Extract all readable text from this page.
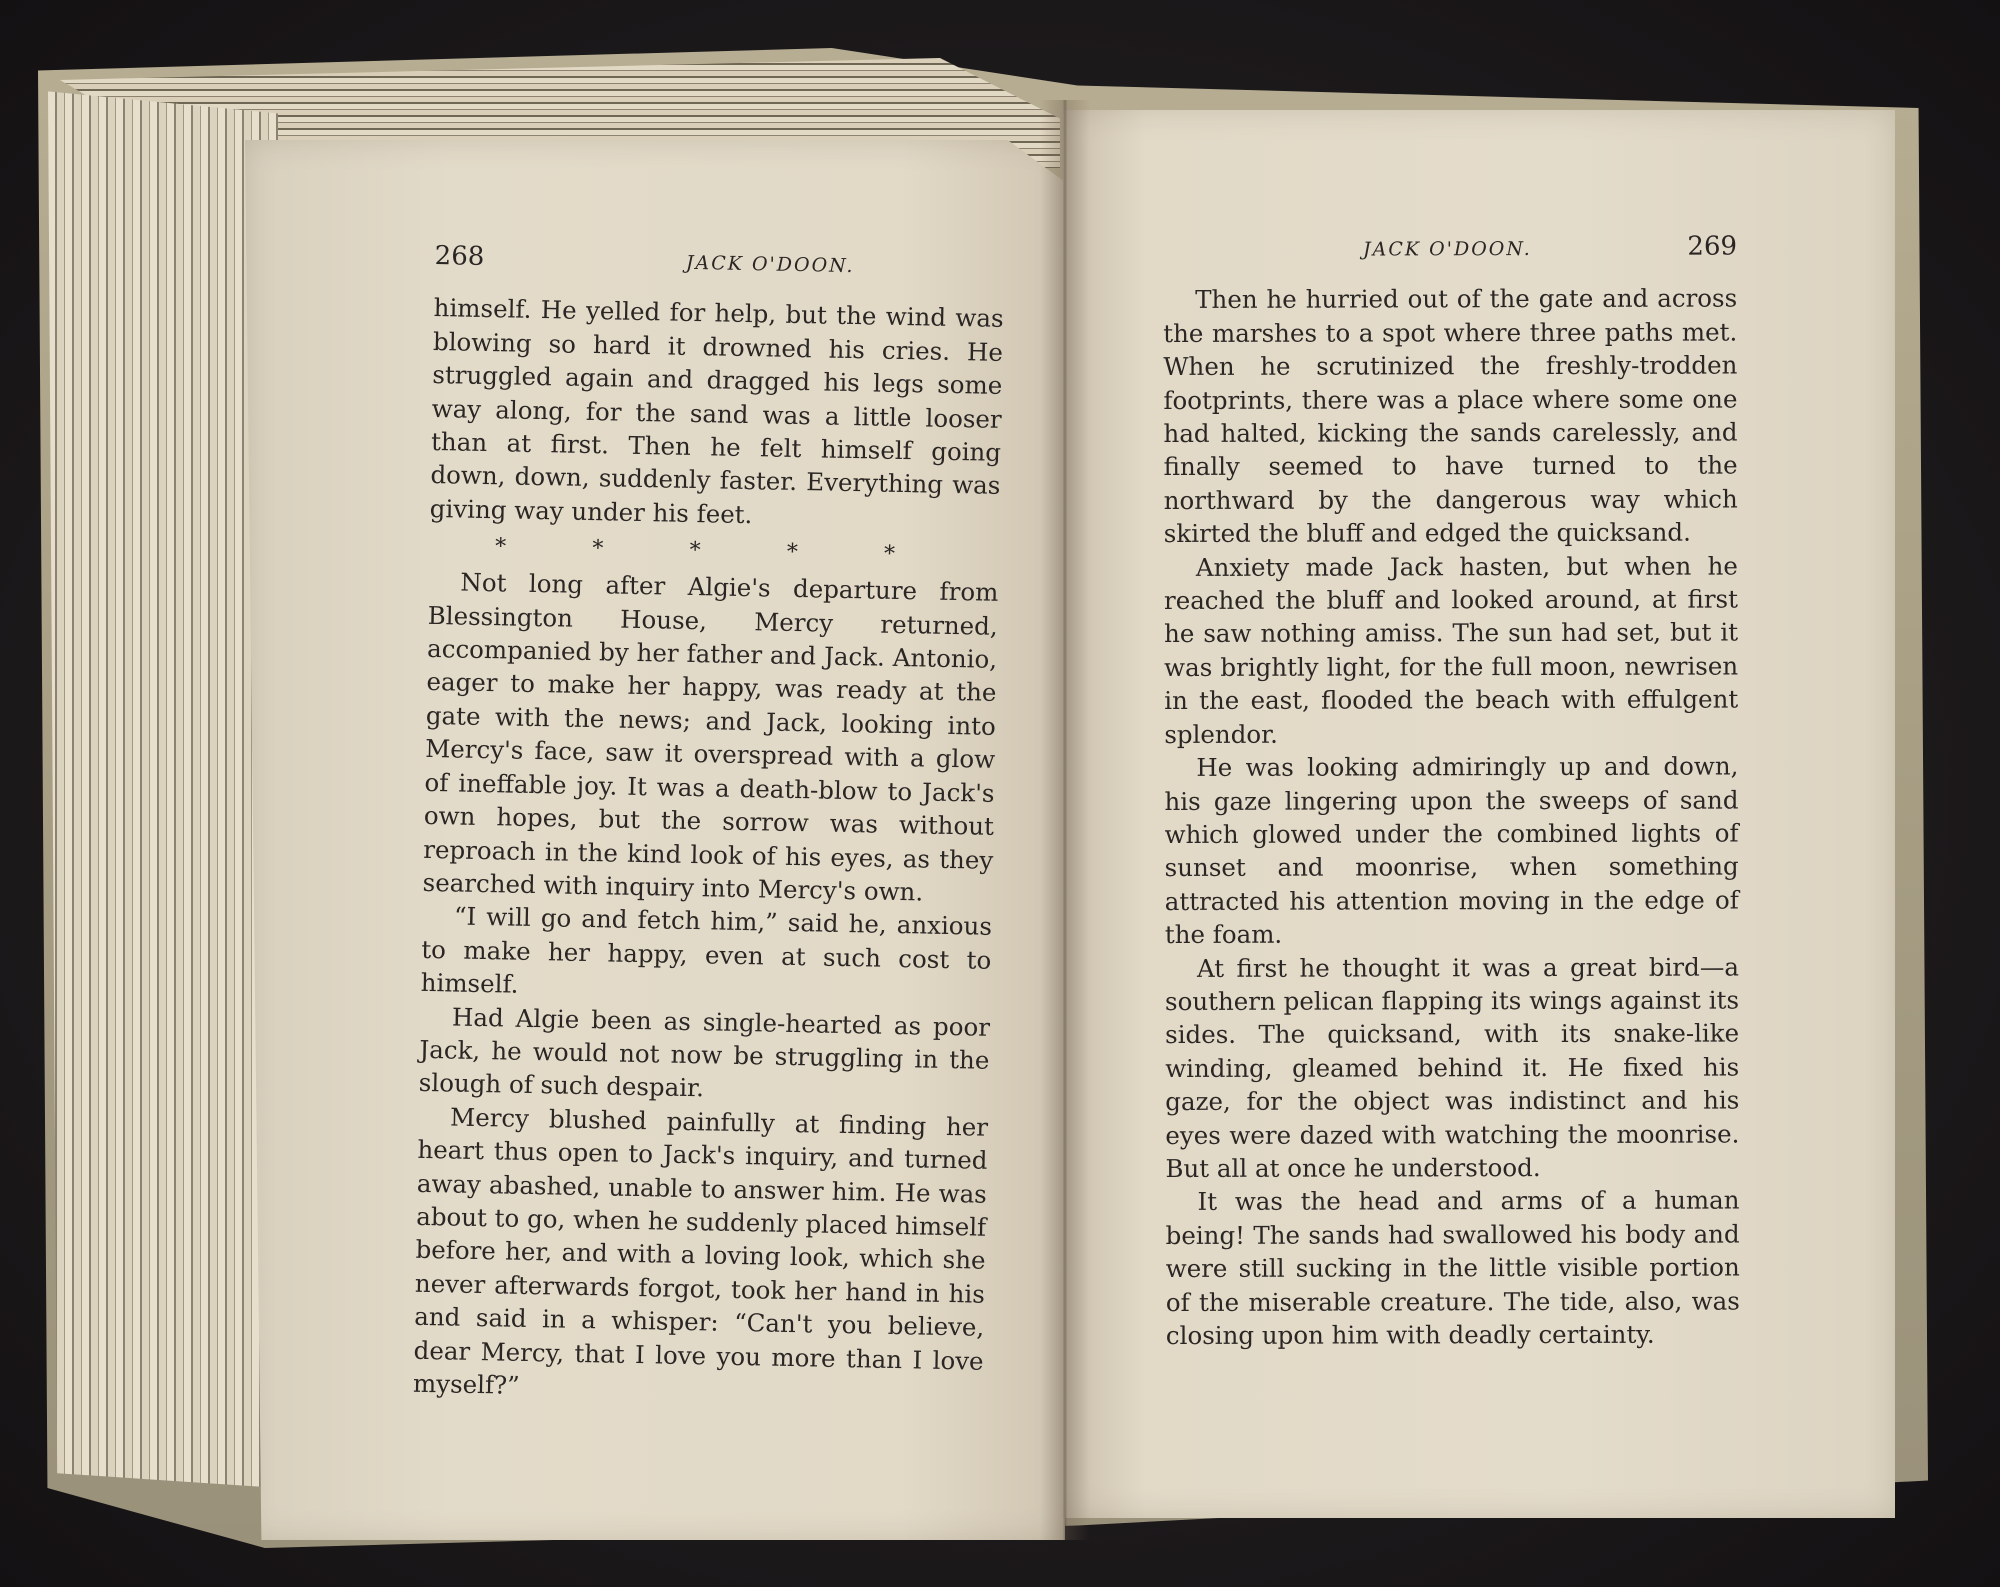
268	JACK O'DOON.

himself. He yelled for help, but the wind was blowing so hard it drowned his cries. He struggled again and dragged his legs some way along, for the sand was a little looser than at first. Then he felt himself going down, down, suddenly faster. Everything was giving way under his feet.

*	*	*	*	*

Not long after Algie's departure from Blessington House, Mercy returned, accompanied by her father and Jack. Antonio, eager to make her happy, was ready at the gate with the news; and Jack, looking into Mercy's face, saw it overspread with a glow of ineffable joy. It was a death-blow to Jack's own hopes, but the sorrow was without reproach in the kind look of his eyes, as they searched with inquiry into Mercy's own.

“I will go and fetch him,” said he, anxious to make her happy, even at such cost to himself.

Had Algie been as single-hearted as poor Jack, he would not now be struggling in the slough of such despair.

Mercy blushed painfully at finding her heart thus open to Jack's inquiry, and turned away abashed, unable to answer him. He was about to go, when he suddenly placed himself before her, and with a loving look, which she never afterwards forgot, took her hand in his and said in a whisper: “Can't you believe, dear Mercy, that I love you more than I love myself?”

JACK O'DOON.	269

Then he hurried out of the gate and across the marshes to a spot where three paths met. When he scrutinized the freshly-trodden footprints, there was a place where some one had halted, kicking the sands carelessly, and finally seemed to have turned to the northward by the dangerous way which skirted the bluff and edged the quicksand.

Anxiety made Jack hasten, but when he reached the bluff and looked around, at first he saw nothing amiss. The sun had set, but it was brightly light, for the full moon, newrisen in the east, flooded the beach with effulgent splendor.

He was looking admiringly up and down, his gaze lingering upon the sweeps of sand which glowed under the combined lights of sunset and moonrise, when something attracted his attention moving in the edge of the foam.

At first he thought it was a great bird—a southern pelican flapping its wings against its sides. The quicksand, with its snake-like winding, gleamed behind it. He fixed his gaze, for the object was indistinct and his eyes were dazed with watching the moonrise. But all at once he understood.

It was the head and arms of a human being! The sands had swallowed his body and were still sucking in the little visible portion of the miserable creature. The tide, also, was closing upon him with deadly certainty.
